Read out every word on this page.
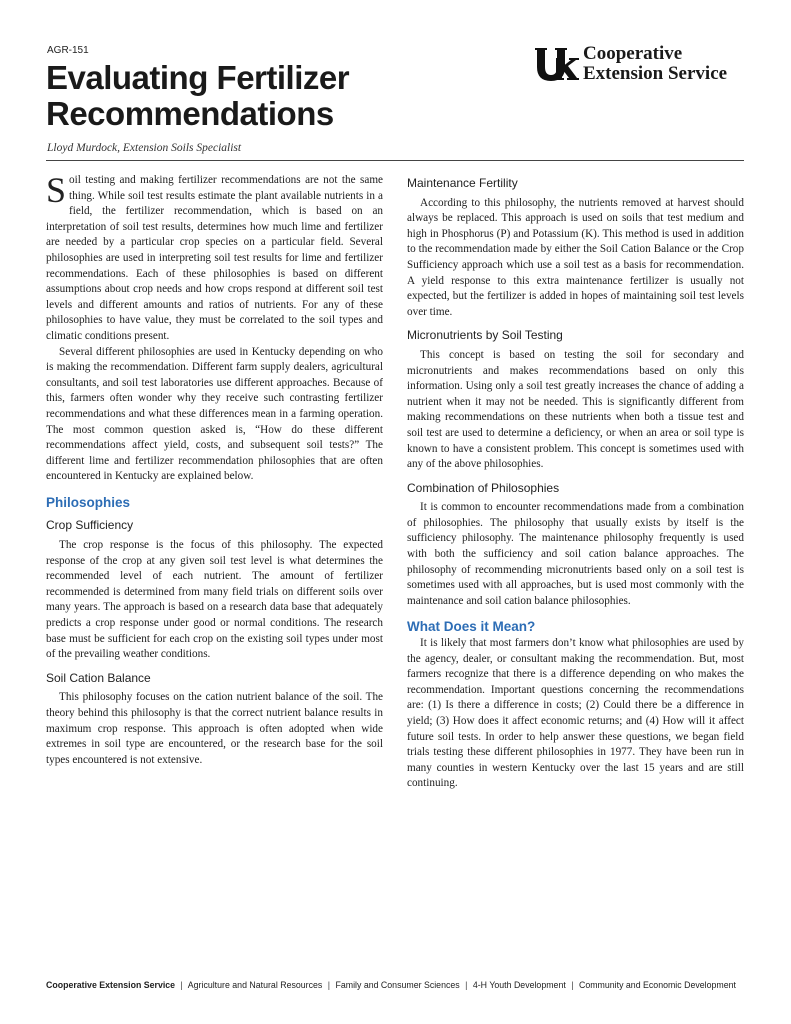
AGR-151
Evaluating Fertilizer Recommendations
Lloyd Murdock, Extension Soils Specialist
Cooperative
Extension Service

Soil testing and making fertilizer recommendations are not the same thing. While soil test results estimate the plant available nutrients in a field, the fertilizer recommendation, which is based on an interpretation of soil test results, determines how much lime and fertilizer are needed by a particular crop species on a particular field. Several philosophies are used in interpreting soil test results for lime and fertilizer recommendations. Each of these philosophies is based on different assumptions about crop needs and how crops respond at different soil test levels and different amounts and ratios of nutrients. For any of these philosophies to have value, they must be correlated to the soil types and climatic conditions present.

Several different philosophies are used in Kentucky depending on who is making the recommendation. Different farm supply dealers, agricultural consultants, and soil test laboratories use different approaches. Because of this, farmers often wonder why they receive such contrasting fertilizer recommendations and what these differences mean in a farming operation. The most common question asked is, “How do these different recommendations affect yield, costs, and subsequent soil tests?” The different lime and fertilizer recommendation philosophies that are often encountered in Kentucky are explained below.

Philosophies
Crop Sufficiency

The crop response is the focus of this philosophy. The expected response of the crop at any given soil test level is what determines the recommended level of each nutrient. The amount of fertilizer recommended is determined from many field trials on different soils over many years. The approach is based on a research data base that adequately predicts a crop response under good or normal conditions. The research base must be sufficient for each crop on the existing soil types under most of the prevailing weather conditions.

Soil Cation Balance

This philosophy focuses on the cation nutrient balance of the soil. The theory behind this philosophy is that the correct nutrient balance results in maximum crop response. This approach is often adopted when wide extremes in soil type are encountered, or the research base for the soil types encountered is not extensive.

Maintenance Fertility

According to this philosophy, the nutrients removed at harvest should always be replaced. This approach is used on soils that test medium and high in Phosphorus (P) and Potassium (K). This method is used in addition to the recommendation made by either the Soil Cation Balance or the Crop Sufficiency approach which use a soil test as a basis for recommendation. A yield response to this extra maintenance fertilizer is usually not expected, but the fertilizer is added in hopes of maintaining soil test levels over time.

Micronutrients by Soil Testing

This concept is based on testing the soil for secondary and micronutrients and makes recommendations based on only this information. Using only a soil test greatly increases the chance of adding a nutrient when it may not be needed. This is significantly different from making recommendations on these nutrients when both a tissue test and soil test are used to determine a deficiency, or when an area or soil type is known to have a consistent problem. This concept is sometimes used with any of the above philosophies.

Combination of Philosophies

It is common to encounter recommendations made from a combination of philosophies. The philosophy that usually exists by itself is the sufficiency philosophy. The maintenance philosophy frequently is used with both the sufficiency and soil cation balance approaches. The philosophy of recommending micronutrients based only on a soil test is sometimes used with all approaches, but is used most commonly with the maintenance and soil cation balance philosophies.

What Does it Mean?

It is likely that most farmers don’t know what philosophies are used by the agency, dealer, or consultant making the recommendation. But, most farmers recognize that there is a difference depending on who makes the recommendation. Important questions concerning the recommendations are: (1) Is there a difference in costs; (2) Could there be a difference in yield; (3) How does it affect economic returns; and (4) How will it affect future soil tests. In order to help answer these questions, we began field trials testing these different philosophies in 1977. They have been run in many counties in western Kentucky over the last 15 years and are still continuing.

Cooperative Extension Service | Agriculture and Natural Resources | Family and Consumer Sciences | 4-H Youth Development | Community and Economic Development
